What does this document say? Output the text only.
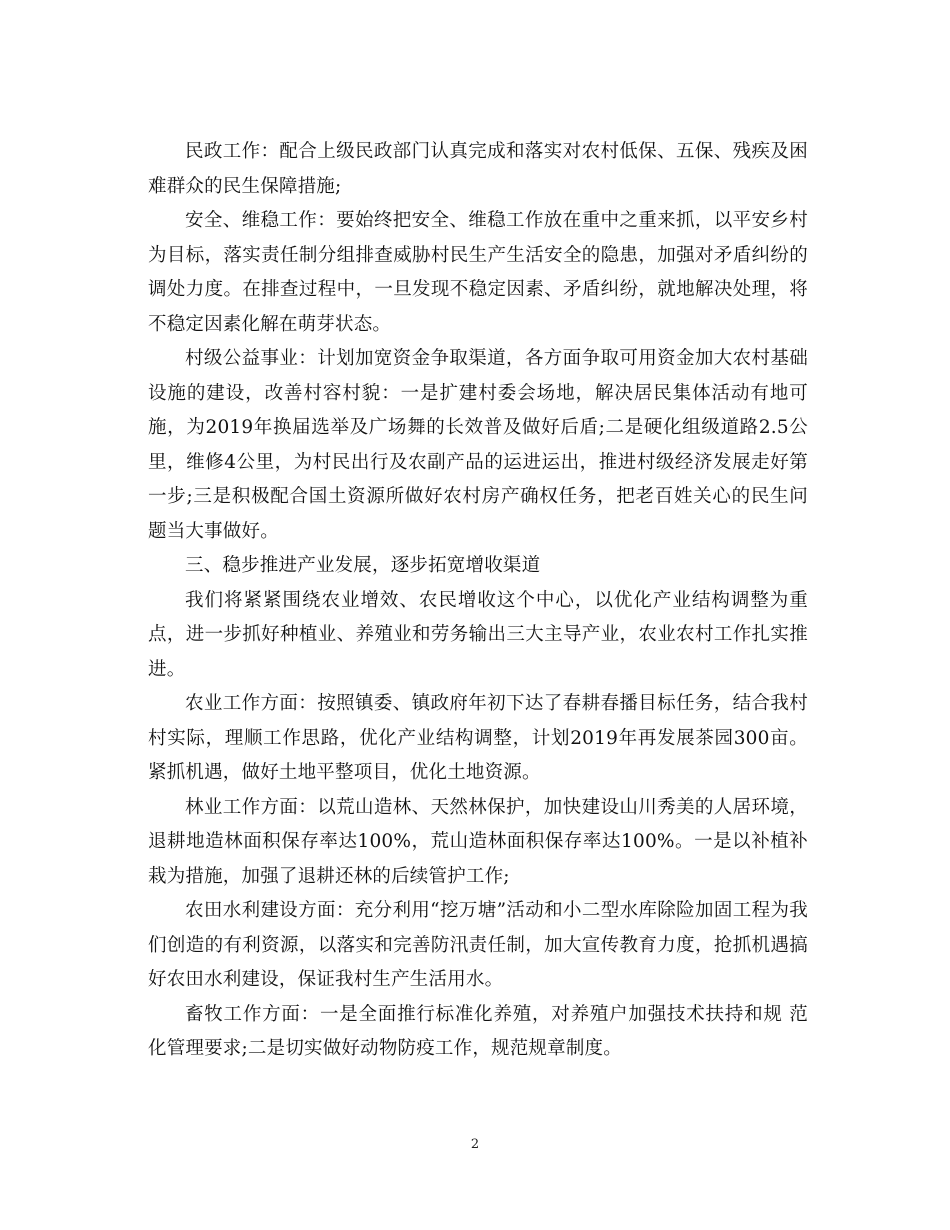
民政工作：配合上级民政部门认真完成和落实对农村低保、五保、残疾及困难群众的民生保障措施;

安全、维稳工作：要始终把安全、维稳工作放在重中之重来抓，以平安乡村为目标，落实责任制分组排查威胁村民生产生活安全的隐患，加强对矛盾纠纷的调处力度。在排查过程中，一旦发现不稳定因素、矛盾纠纷，就地解决处理，将不稳定因素化解在萌芽状态。

村级公益事业：计划加宽资金争取渠道，各方面争取可用资金加大农村基础设施的建设，改善村容村貌：一是扩建村委会场地，解决居民集体活动有地可施，为2019年换届选举及广场舞的长效普及做好后盾;二是硬化组级道路2.5公里，维修4公里，为村民出行及农副产品的运进运出，推进村级经济发展走好第一步;三是积极配合国土资源所做好农村房产确权任务，把老百姓关心的民生问题当大事做好。

三、稳步推进产业发展，逐步拓宽增收渠道

我们将紧紧围绕农业增效、农民增收这个中心，以优化产业结构调整为重点，进一步抓好种植业、养殖业和劳务输出三大主导产业，农业农村工作扎实推进。

农业工作方面：按照镇委、镇政府年初下达了春耕春播目标任务，结合我村村实际，理顺工作思路，优化产业结构调整，计划2019年再发展茶园300亩。紧抓机遇，做好土地平整项目，优化土地资源。

林业工作方面：以荒山造林、天然林保护，加快建设山川秀美的人居环境，退耕地造林面积保存率达100%，荒山造林面积保存率达100%。一是以补植补栽为措施，加强了退耕还林的后续管护工作;

农田水利建设方面：充分利用“挖万塘”活动和小二型水库除险加固工程为我们创造的有利资源，以落实和完善防汛责任制，加大宣传教育力度，抢抓机遇搞好农田水利建设，保证我村生产生活用水。

畜牧工作方面：一是全面推行标准化养殖，对养殖户加强技术扶持和规 范化管理要求;二是切实做好动物防疫工作，规范规章制度。

2
